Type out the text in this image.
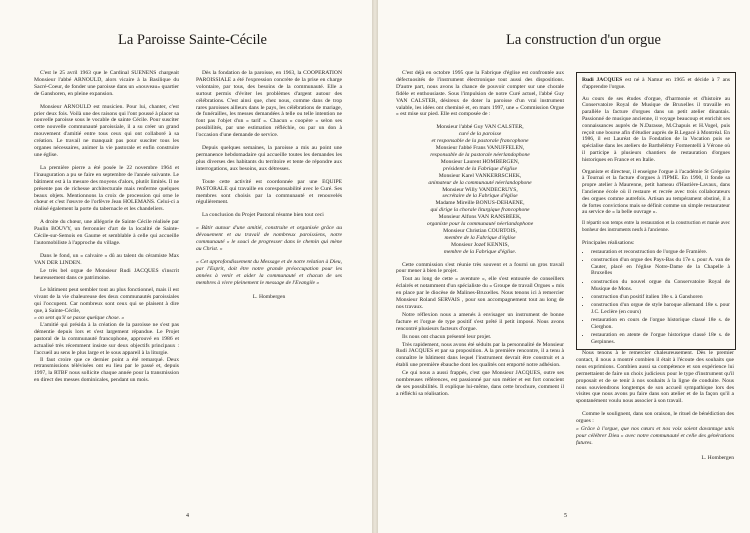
La Paroisse Sainte-Cécile

C'est le 25 avril 1963 que le Cardinal SUENENS chargeait Monsieur l'abbé ARNOULD, alors vicaire à la Basilique du Sacré-Coeur, de fonder une paroisse dans un «nouveau» quartier de Ganshoren, en pleine expansion.

Monsieur ARNOULD est musicien. Pour lui, chanter, c'est prier deux fois. Voilà une des raisons qui l'ont poussé à placer sa nouvelle paroisse sous le vocable de sainte Cécile. Pour susciter cette nouvelle communauté paroissiale, il a su créer un grand mouvement d'amitié entre tous ceux qui ont collaboré à sa création. Le travail ne manquait pas pour susciter tous les organes nécessaires, animer la vie pastorale et enfin construire une église.

La première pierre a été posée le 22 novembre 1964 et l'inauguration a pu se faire en septembre de l'année suivante. Le bâtiment est à la mesure des moyens d'alors, plutôt limités. Il ne présente pas de richesse architecturale mais renferme quelques beaux objets. Mentionnons la croix de procession qui orne le chœur et c'est l'œuvre de l'orfèvre Jean HOLEMANS. Celui-ci a réalisé également la porte du tabernacle et les chandeliers.

A droite du chœur, une allégorie de Sainte Cécile réalisée par Paulin BOUVY, un ferronnier d'art de la localité de Sainte-Cécile-sur-Semois en Gaume et semblable à celle qui accueille l'automobiliste à l'approche du village.

Dans le fond, un « calvaire » dû au talent du céramiste Max VAN DER LINDEN.

Le très bel orgue de Monsieur Rudi JACQUES s'inscrit heureusement dans ce patrimoine.

Le bâtiment peut sembler tout au plus fonctionnel, mais il est vivant de la vie chaleureuse des deux communautés paroissiales qui l'occupent. Car nombreux sont ceux qui se plaisent à dire que, à Sainte-Cécile,

« on sent qu'il se passe quelque chose. »

L'amitié qui présida à la création de la paroisse ne s'est pas démentie depuis lors et s'est largement répandue. Le Projet pastoral de la communauté francophone, approuvé en 1986 et actualisé très récemment insiste sur deux objectifs principaux : l'accueil au sens le plus large et le sous appareil à la liturgie.

Il faut croire que ce dernier point a été remarqué. Deux retransmissions télévisées ont eu lieu par le passé et, depuis 1997, la RTBF nous sollicite chaque année pour la transmission en direct des messes dominicales, pendant un mois.

Dès la fondation de la paroisse, en 1963, la COOPERATION PAROISSIALE a été l'expression concrète de la prise en charge volontaire, par tous, des besoins de la communauté. Elle a surtout permis d'éviter les problèmes d'argent autour des célébrations. C'est ainsi que, chez nous, comme dans de trop rares paroisses ailleurs dans le pays, les célébrations de mariage, de funérailles, les messes demandées à telle ou telle intention ne font pas l'objet d'un « tarif ». Chacun « coopère » selon ses possibilités, par une estimation réfléchie, ou par un don à l'occasion d'une demande de service.

Depuis quelques semaines, la paroisse a mis au point une permanence hebdomadaire qui accueille toutes les demandes les plus diverses des habitants du territoire et tente de répondre aux interrogations, aux besoins, aux détresses.

Toute cette activité est coordonnée par une EQUIPE PASTORALE qui travaille en coresponsabilité avec le Curé. Ses membres sont choisis par la communauté et renouvelés régulièrement.

La conclusion du Projet Pastoral résume bien tout ceci

« Bâtir autour d'une amitié, construite et organisée grâce au dévouement et au travail de nombreux paroissiens, notre communauté « le souci de progresser dans le chemin qui mène au Christ. »

« Cet approfondissement du Message et de notre relation à Dieu, par l'Esprit, doit être notre grande préoccupation pour les années à venir et aider la communauté et chacun de ses membres à vivre pleinement le message de l'Evangile »

L. Hombergen

4
La construction d'un orgue

C'est déjà en octobre 1995 que la Fabrique d'église est confrontée aux défectuosités de l'instrument électronique tout aussi des dispositions. D'autre part, nous avons la chance de pouvoir compter sur une chorale fidèle et enthousiaste. Sous l'impulsion de notre Curé actuel, l'abbé Guy VAN CALSTER, désireux de doter la paroisse d'un vrai instrument valable, les idées ont cheminé et, en mars 1997, une « Commission Orgue » est mise sur pied. Elle est composée de :

Monsieur l'abbé Guy VAN CALSTER,
curé de la paroisse
et responsable de la pastorale francophone
Monsieur l'abbé Frans VANUFFELEN,
responsable de la pastorale néerlandophone
Monsieur Laurent HOMBERGEN,
président de la Fabrique d'église
Monsieur Karel VANKERRSCHEK,
animateur de la communauté néerlandophone
Monsieur Willy VANDECRUYS,
secrétaire de la Fabrique d'église
Madame Mireille BONUS-DEHAENE,
qui dirige la chorale liturgique francophone
Monsieur Alfons VAN RANSBEEK,
organiste pour la communauté néerlandophone
Monsieur Christian COURTOIS,
membre de la Fabrique d'église
Monsieur Jozef KENNIS,
membre de la Fabrique d'église.

Cette commission s'est réunie très souvent et a fourni un gros travail pour mener à bien le projet.

Tout au long de cette « aventure », elle s'est entourée de conseillers éclairés et notamment d'un spécialiste du « Groupe de travail Orgues » mis en place par le diocèse de Malines-Bruxelles. Nous tenons ici à remercier Monsieur Roland SERVAIS , pour son accompagnement tout au long de nos travaux.

Notre réflexion nous a amenés à envisager un instrument de bonne facture et l'orgue de type positif s'est prêté il petit imposé. Nous avons rencontré plusieurs facteurs d'orgue.

Ils nous ont chacun présenté leur projet.

Très rapidement, nous avons été séduits par la personnalité de Monsieur Rudi JACQUES et par sa proposition. A la première rencontre, il a tenu à connaître le bâtiment dans lequel l'instrument devrait être construit et a établi une première ébauche dont les qualités ont emporté notre adhésion.

Ce qui nous a aussi frappés, c'est que Monsieur JACQUES, outre ses nombreuses références, est passionné par son métier et est fort conscient de ses possibilités. Il explique lui-même, dans cette brochure, comment il a réfléchi sa réalisation.

Rudi JACQUES est né à Namur en 1965 et décide à 7 ans d'apprendre l'orgue.

Au cours de ses études d'orgue, d'harmonie et d'histoire au Conservatoire Royal de Musique de Bruxelles il travaille en parallèle la facture d'orgues dans un petit atelier dinantais. Passionné de musique ancienne, il voyage beaucoup et enrichit ses connaissances auprès de N.Darasse, M.Chapuis et H.Vogel, puis reçoit une bourse afin d'étudier auprès de B.Legacé à Montréal. En 1986, il est Lauréat de la Fondation de la Vocation puis se spécialise dans les ateliers de Barthélémy Formentelli à Vérone où il participe à plusieurs chantiers de restauration d'orgues historiques en France et en Italie.

Organiste et directeur, il enseigne l'orgue à l'académie St Grégoire à Tournai et la facture d'orgues à l'IPME. En 1990, il fonde sa propre atelier à Maurenne, petit hameau d'Hastière-Lavaux, dans l'ancienne école où il restaure et recrée avec trois collaborateurs des orgues comme autrefois. Artisan au tempérament obstiné, il a de fortes convictions mais se définit comme un simple restaurateur au service de « la belle ouvrage ».

Il répartit son temps entre la restauration et la construction et manie avec bonheur des instruments neufs à l'ancienne.

Principales réalisations:
• restauration et reconstruction de l'orgue de Framière.
• construction d'un orgue des Pays-Bas du 17e s. pour A. van de Cauter, placé en l'église Notre-Dame de la Chapelle à Bruxelles
• construction du nouvel orgue du Conservatoire Royal de Musique de Mons.
• construction d'un positif italien 18e s. à Ganshoren
• construction d'un orgue de style baroque allemand 18e s. pour J.C. Leclère (en cours)
• restauration en cours de l'orgue historique classé 18e s. de Cierghon.
• restauration en atente de l'orgue historique classé 18e s. de Gerpinnes.

Nous tenons à le remercier chaleureusement. Dès le premier contact, il nous a montré combien il était à l'écoute des souhaits que nous exprimions. Combien aussi sa compétence et son expérience lui permettaient de faire un choix judicieux pour le type d'instrument qu'il proposait et de se tenir à nos souhaits à la ligne de conduite. Nous nous souviendrons longtemps de son accueil sympathique lors des visites que nous avons pu faire dans son atelier et de la façon qu'il a spontanément voulu nous associer à son travail.

Comme le soulignent, dans son oraison, le rituel de bénédiction des orgues :

« Grâce à l'orgue, que nos cœurs et nos voix soient davantage unis pour célébrer Dieu » avec notre communauté et celle des générations futures.

L. Hombergen

5
